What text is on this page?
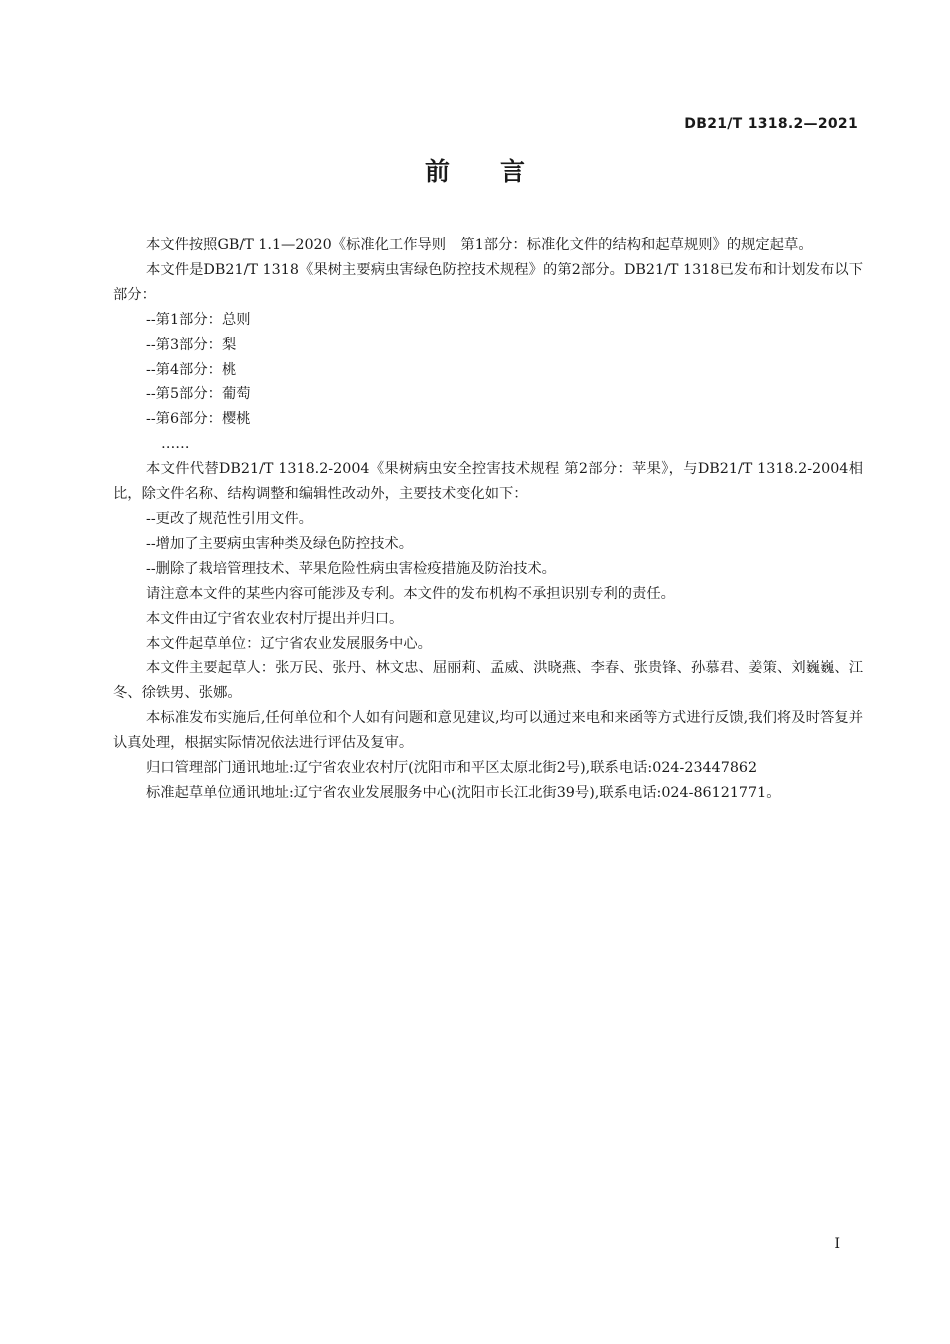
DB21/T 1318.2—2021
前言

本文件按照GB/T 1.1—2020《标准化工作导则　第1部分：标准化文件的结构和起草规则》的规定起草。

本文件是DB21/T 1318《果树主要病虫害绿色防控技术规程》的第2部分。DB21/T 1318已发布和计划发布以下部分：

--第1部分：总则

--第3部分：梨

--第4部分：桃

--第5部分：葡萄

--第6部分：樱桃

……

本文件代替DB21/T 1318.2-2004《果树病虫安全控害技术规程 第2部分：苹果》，与DB21/T 1318.2-2004相比，除文件名称、结构调整和编辑性改动外，主要技术变化如下：

--更改了规范性引用文件。

--增加了主要病虫害种类及绿色防控技术。

--删除了栽培管理技术、苹果危险性病虫害检疫措施及防治技术。

请注意本文件的某些内容可能涉及专利。本文件的发布机构不承担识别专利的责任。

本文件由辽宁省农业农村厅提出并归口。

本文件起草单位：辽宁省农业发展服务中心。

本文件主要起草人：张万民、张丹、林文忠、屈丽莉、孟威、洪晓燕、李春、张贵锋、孙慕君、姜策、刘巍巍、江冬、徐铁男、张娜。

本标准发布实施后,任何单位和个人如有问题和意见建议,均可以通过来电和来函等方式进行反馈,我们将及时答复并认真处理，根据实际情况依法进行评估及复审。

归口管理部门通讯地址:辽宁省农业农村厅(沈阳市和平区太原北街2号),联系电话:024-23447862

标准起草单位通讯地址:辽宁省农业发展服务中心(沈阳市长江北街39号),联系电话:024-86121771。

I
